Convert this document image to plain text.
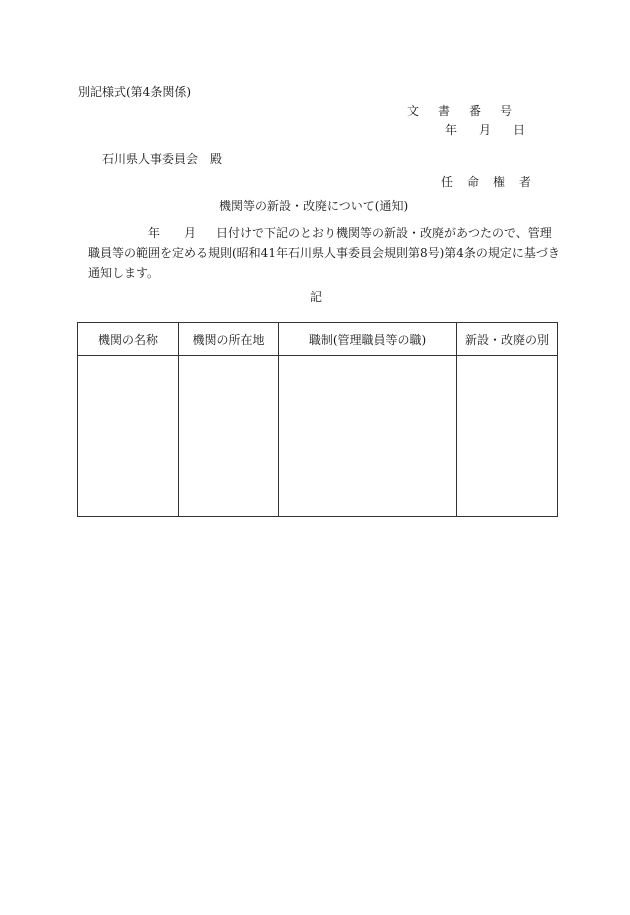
別記様式(第4条関係)
文書番号
年月日
石川県人事委員会　殿
任命権者
機関等の新設・改廃について(通知)
年 月 日付けで下記のとおり機関等の新設・改廃があつたので、管理
職員等の範囲を定める規則(昭和41年石川県人事委員会規則第8号)第4条の規定に基づき
通知します。
記
機関の名称	機関の所在地	職制(管理職員等の職)	新設・改廃の別
